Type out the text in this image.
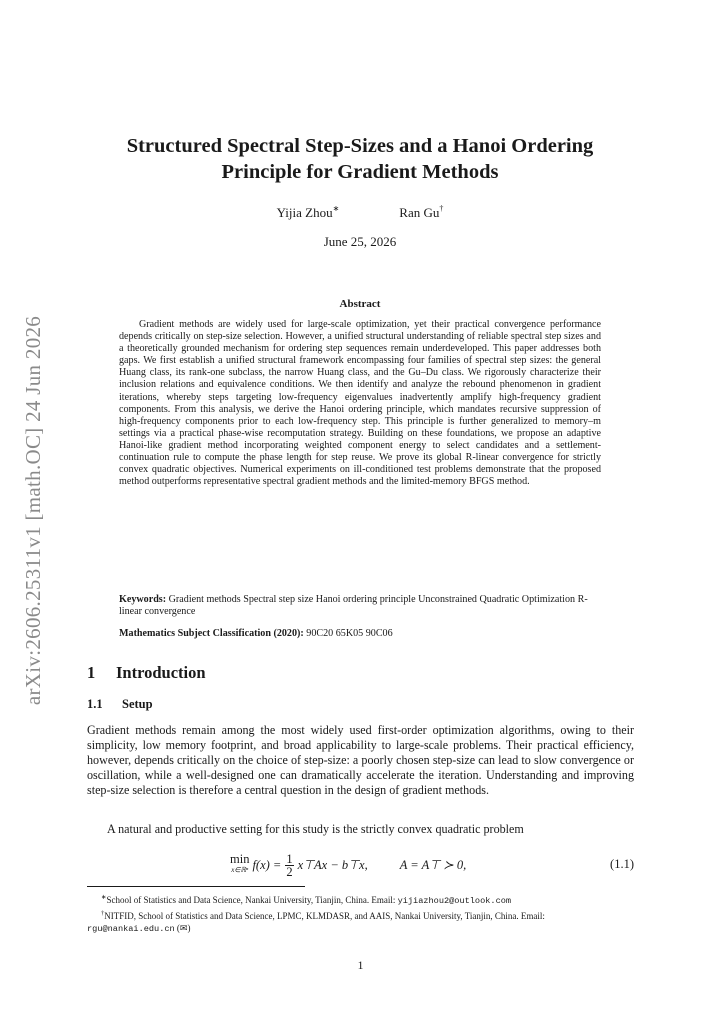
arXiv:2606.25311v1 [math.OC] 24 Jun 2026
Structured Spectral Step-Sizes and a Hanoi Ordering
Principle for Gradient Methods
Yijia Zhou∗	Ran Gu†
June 25, 2026
Abstract
Gradient methods are widely used for large-scale optimization, yet their practical convergence performance depends critically on step-size selection. However, a unified structural understanding of reliable spectral step sizes and a theoretically grounded mechanism for ordering step sequences remain underdeveloped. This paper addresses both gaps. We first establish a unified structural framework encompassing four families of spectral step sizes: the general Huang class, its rank-one subclass, the narrow Huang class, and the Gu–Du class. We rigorously characterize their inclusion relations and equivalence conditions. We then identify and analyze the rebound phenomenon in gradient iterations, whereby steps targeting low-frequency eigenvalues inadvertently amplify high-frequency gradient components. From this analysis, we derive the Hanoi ordering principle, which mandates recursive suppression of high-frequency components prior to each low-frequency step. This principle is further generalized to memory–m settings via a practical phase-wise recomputation strategy. Building on these foundations, we propose an adaptive Hanoi-like gradient method incorporating weighted component energy to select candidates and a settlement-continuation rule to compute the phase length for step reuse. We prove its global R-linear convergence for strictly convex quadratic objectives. Numerical experiments on ill-conditioned test problems demonstrate that the proposed method outperforms representative spectral gradient methods and the limited-memory BFGS method.
Keywords: Gradient methods Spectral step size Hanoi ordering principle Unconstrained Quadratic Optimization R-linear convergence
Mathematics Subject Classification (2020): 90C20 65K05 90C06
1 Introduction
1.1 Setup
Gradient methods remain among the most widely used first-order optimization algorithms, owing to their simplicity, low memory footprint, and broad applicability to large-scale problems. Their practical efficiency, however, depends critically on the choice of step-size: a poorly chosen step-size can lead to slow convergence or oscillation, while a well-designed one can dramatically accelerate the iteration. Understanding and improving step-size selection is therefore a central question in the design of gradient methods.
A natural and productive setting for this study is the strictly convex quadratic problem
min
x∈ℝⁿ $f(x) = \frac{1}{2}$ x⊤Ax − b⊤x,	A = A⊤ ≻ 0,	(1.1)
∗School of Statistics and Data Science, Nankai University, Tianjin, China. Email: yijiazhou2@outlook.com
†NITFID, School of Statistics and Data Science, LPMC, KLMDASR, and AAIS, Nankai University, Tianjin, China. Email: rgu@nankai.edu.cn (✉)
1
